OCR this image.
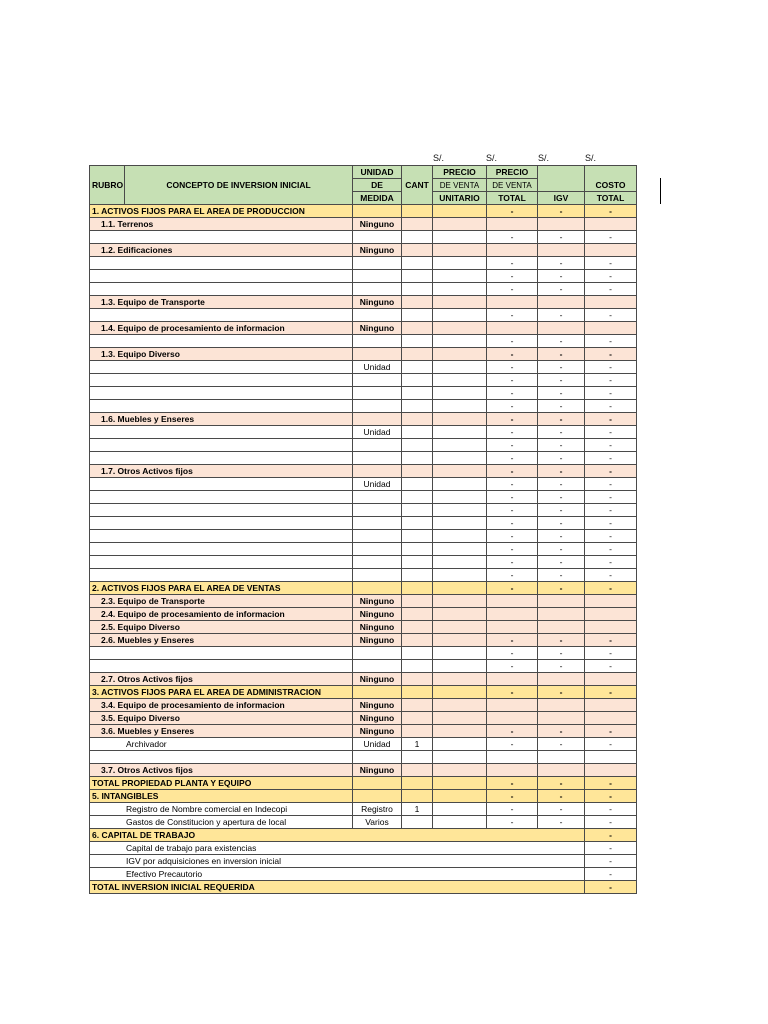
S/.	S/.	S/.	S/.
RUBRO	CONCEPTO DE INVERSION INICIAL	UNIDAD	CANT	PRECIO	PRECIO		COSTO
		DE		DE VENTA	DE VENTA		
		MEDIDA		UNITARIO	TOTAL	IGV	TOTAL
1. ACTIVOS FIJOS PARA EL AREA DE PRODUCCION					-	-	-
1.1. Terrenos		Ninguno					
					-	-	-
1.2. Edificaciones		Ninguno					
					-	-	-
					-	-	-
					-	-	-
1.3. Equipo de Transporte		Ninguno					
					-	-	-
1.4. Equipo de procesamiento de informacion		Ninguno					
					-	-	-
1.3. Equipo Diverso					-	-	-
		Unidad			-	-	-
					-	-	-
					-	-	-
					-	-	-
1.6. Muebles y Enseres					-	-	-
		Unidad			-	-	-
					-	-	-
					-	-	-
1.7. Otros Activos fijos					-	-	-
		Unidad			-	-	-
					-	-	-
					-	-	-
					-	-	-
					-	-	-
					-	-	-
					-	-	-
					-	-	-
2. ACTIVOS FIJOS PARA EL AREA DE VENTAS					-	-	-
2.3. Equipo de Transporte		Ninguno					
2.4. Equipo de procesamiento de informacion		Ninguno					
2.5. Equipo Diverso		Ninguno					
2.6. Muebles y Enseres		Ninguno			-	-	-
					-	-	-
					-	-	-
2.7. Otros Activos fijos		Ninguno					
3. ACTIVOS FIJOS PARA EL AREA DE ADMINISTRACION					-	-	-
3.4. Equipo de procesamiento de informacion		Ninguno					
3.5. Equipo Diverso		Ninguno					
3.6. Muebles y Enseres		Ninguno			-	-	-
Archivador		Unidad	1		-	-	-

3.7. Otros Activos fijos		Ninguno					
TOTAL PROPIEDAD PLANTA Y EQUIPO					-	-	-
5. INTANGIBLES					-	-	-
Registro de Nombre comercial en Indecopi		Registro	1		-	-	-
Gastos de Constitucion y apertura de local		Varios			-	-	-
6. CAPITAL DE TRABAJO							-
Capital de trabajo para existencias							-
IGV por adquisiciones en inversion inicial							-
Efectivo Precautorio							-
TOTAL INVERSION INICIAL REQUERIDA							-
